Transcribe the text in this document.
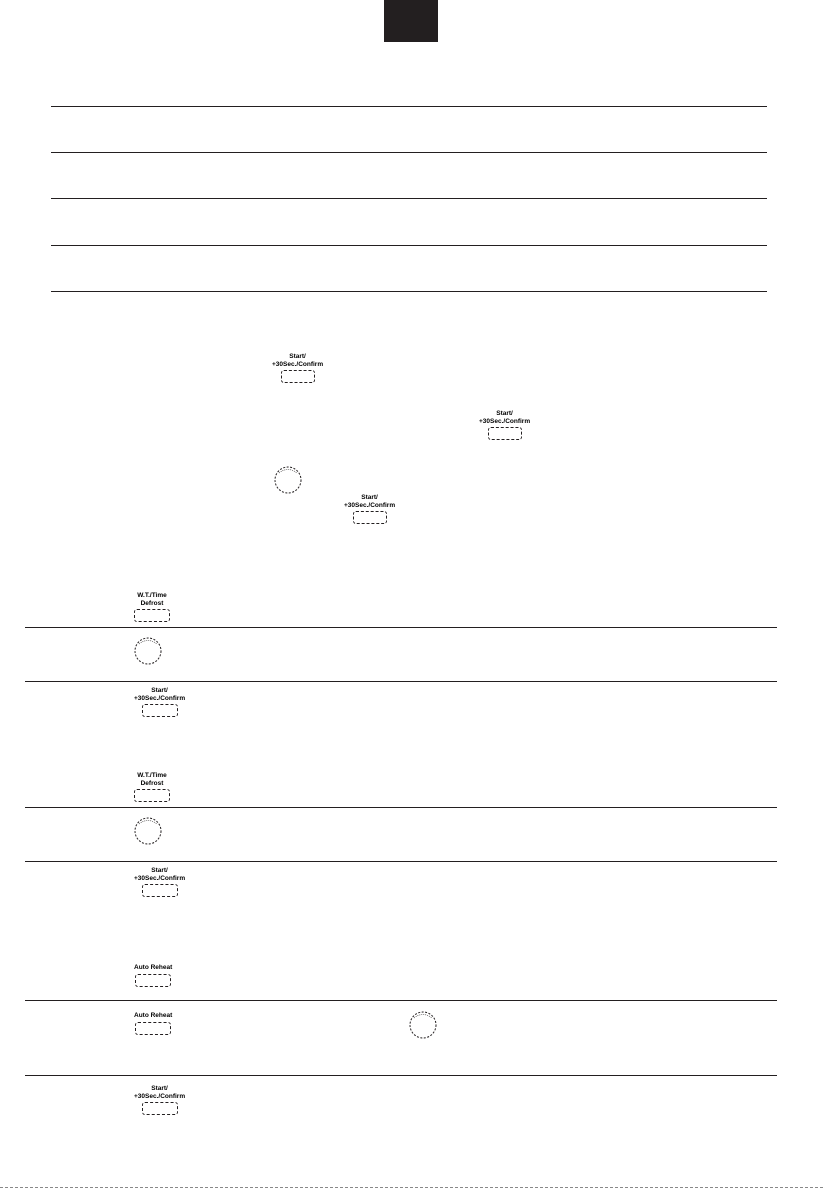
Start/
+30Sec./Confirm
Start/
+30Sec./Confirm
Start/
+30Sec./Confirm
W.T./Time
Defrost
Start/
+30Sec./Confirm
W.T./Time
Defrost
Start/
+30Sec./Confirm
Auto Reheat
Auto Reheat
Start/
+30Sec./Confirm
